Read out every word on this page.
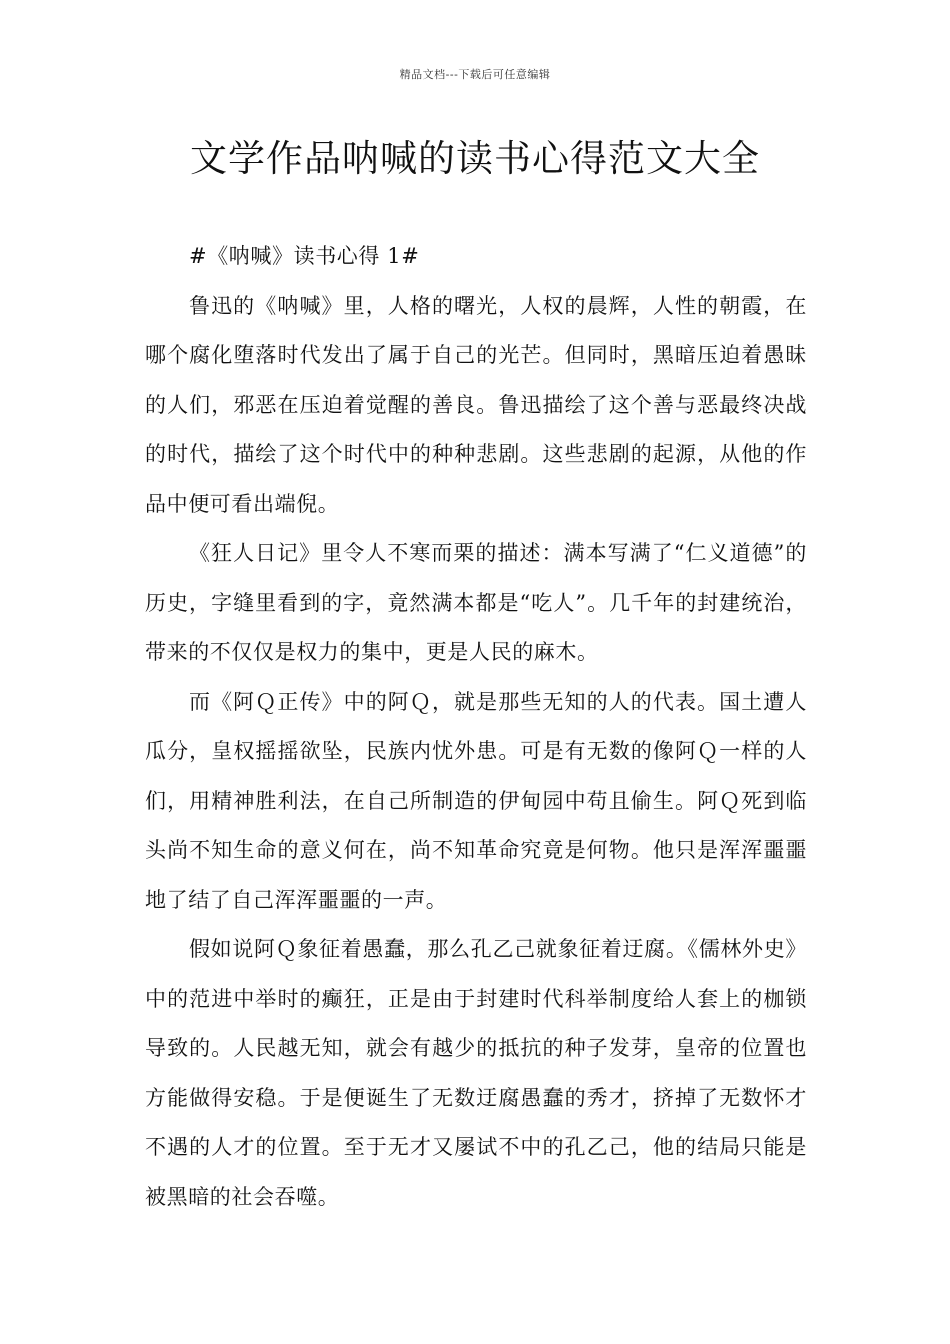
精品文档---下载后可任意编辑
文学作品呐喊的读书心得范文大全

#《呐喊》读书心得 1#

鲁迅的《呐喊》里，人格的曙光，人权的晨辉，人性的朝霞，在哪个腐化堕落时代发出了属于自己的光芒。但同时，黑暗压迫着愚昧的人们，邪恶在压迫着觉醒的善良。鲁迅描绘了这个善与恶最终决战的时代，描绘了这个时代中的种种悲剧。这些悲剧的起源，从他的作品中便可看出端倪。

《狂人日记》里令人不寒而栗的描述：满本写满了“仁义道德”的历史，字缝里看到的字，竟然满本都是“吃人”。几千年的封建统治，带来的不仅仅是权力的集中，更是人民的麻木。

而《阿Ｑ正传》中的阿Ｑ，就是那些无知的人的代表。国土遭人瓜分，皇权摇摇欲坠，民族内忧外患。可是有无数的像阿Ｑ一样的人们，用精神胜利法，在自己所制造的伊甸园中苟且偷生。阿Ｑ死到临头尚不知生命的意义何在，尚不知革命究竟是何物。他只是浑浑噩噩地了结了自己浑浑噩噩的一声。

假如说阿Ｑ象征着愚蠢，那么孔乙己就象征着迂腐。《儒林外史》中的范进中举时的癫狂，正是由于封建时代科举制度给人套上的枷锁导致的。人民越无知，就会有越少的抵抗的种子发芽，皇帝的位置也方能做得安稳。于是便诞生了无数迂腐愚蠢的秀才，挤掉了无数怀才不遇的人才的位置。至于无才又屡试不中的孔乙己，他的结局只能是被黑暗的社会吞噬。
